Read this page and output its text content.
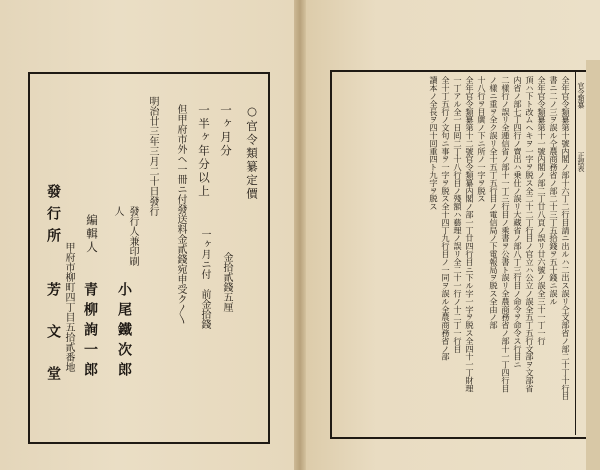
○官令類纂定價
一ヶ月分
金拾貳錢五厘
一半ヶ年分以上
一ヶ月ニ付　前金拾錢
但甲府市外ヘ一冊ニ付發送料金貳錢宛申受ク〳〵
明治廿三年三月二十日發行
發行人兼印刷人
小尾鐵次郎
編輯人
青柳詢一郎
甲府市柳町四丁目五拾貳番地
發行所
芳文堂
官令類纂
正誤表
全年官令類纂第十號内閣ノ部十六丁二行目請ニ出ルハ二出ス誤リ仝文部省ノ部二十丁十行目
書ニ二ノ三ヲ誤ル仝農商務省ノ部二十三丁五拾錢ヲ五十錢ニ誤ル
全年官令類纂第十一號内閣ノ部二丁廿八頁ノ誤リ廿六號ノ誤全三十一丁一行
頂ハ下ト改ムヘキヲ一字ヲ脱ス全二十二丁行目ノ官立ハ公立ノ誤全五丁五行文部ヲ文部省
内省ノ部七丁四行ノ賣出ハ乗仕ノ誤リ大藏省ノ部八丁三行目ノ命令ヲ命令ス行目ニ
二樣行ノ誤リ全逓信省ノ部十一丁三行目ノ乘書ヲ公書ト誤リ全農商務省ノ部十一丁四行目
ノ樣ニ重ヲ全ク誤リ全十五丁五行目ノ電信局ノ下電報局ヲ脱ス全由ノ部
十八行ヲ目廣ノ下ニ所ノ一字ヲ脱ス
全年官令類纂第十二號官令類纂内閣ノ部一丁廿四行目ニ下ル字一字ヲ脱ス全四十一丁財理
一丁アル全一日囘二丁十八行目ノ殘額ハ藝理ノ誤リ全二十一行ノ十二丁一行目
全十丁五行ノ文句ニ事ヲ一字ヲ脱ス全十四丁九行目ノ一同ヲ誤ル全農商務省ノ部
讀本ノ全長ヲ四十回重四ト九字ヲ脱ス
